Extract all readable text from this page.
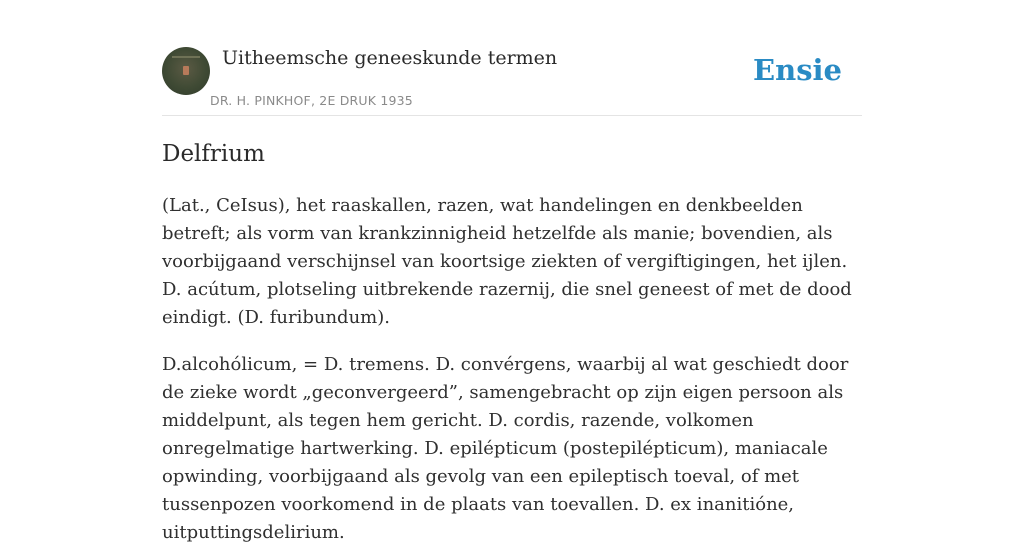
Uitheemsche geneeskunde termen
DR. H. PINKHOF, 2E DRUK 1935
Ensie
Delfrium

(Lat., CeIsus), het raaskallen, razen, wat handelingen en denkbeelden betreft; als vorm van krankzinnigheid hetzelfde als manie; bovendien, als voorbijgaand verschijnsel van koortsige ziekten of vergiftigingen, het ijlen. D. acútum, plotseling uitbrekende razernij, die snel geneest of met de dood eindigt. (D. furibundum).

D.alcohólicum, = D. tremens. D. convérgens, waarbij al wat geschiedt door de zieke wordt „geconvergeerd”, samengebracht op zijn eigen persoon als middelpunt, als tegen hem gericht. D. cordis, razende, volkomen onregelmatige hartwerking. D. epilépticum (postepilépticum), maniacale opwinding, voorbijgaand als gevolg van een epileptisch toeval, of met tussenpozen voorkomend in de plaats van toevallen. D. ex inanitióne, uitputtingsdelirium.
